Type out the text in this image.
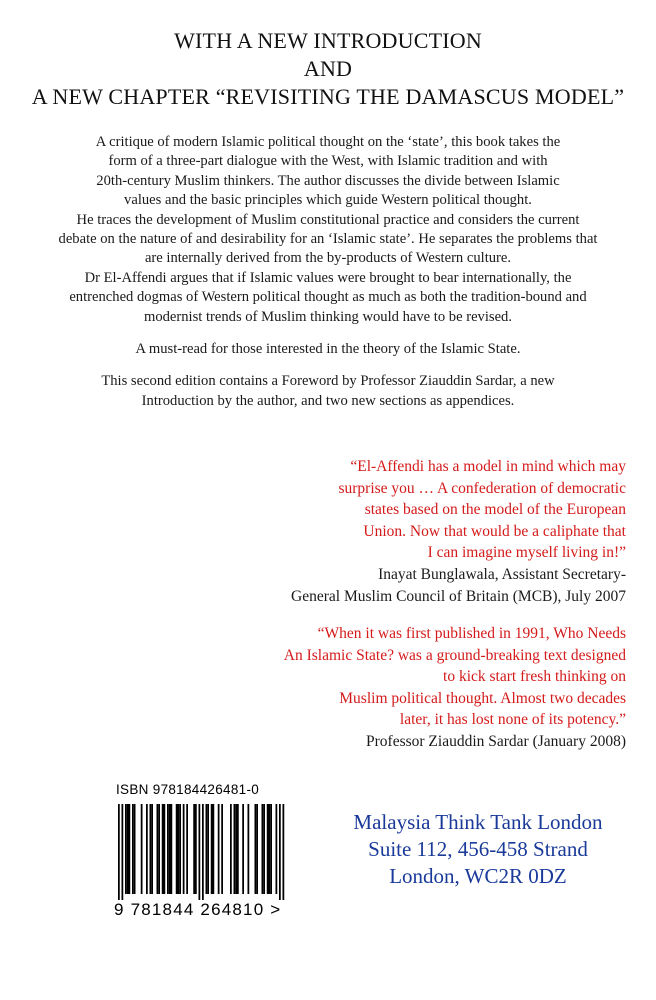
WITH A NEW INTRODUCTION
AND
A NEW CHAPTER “REVISITING THE DAMASCUS MODEL”
A critique of modern Islamic political thought on the ‘state’, this book takes the
form of a three-part dialogue with the West, with Islamic tradition and with
20th-century Muslim thinkers. The author discusses the divide between Islamic
values and the basic principles which guide Western political thought.
He traces the development of Muslim constitutional practice and considers the current
debate on the nature of and desirability for an ‘Islamic state’. He separates the problems that
are internally derived from the by-products of Western culture.
Dr El-Affendi argues that if Islamic values were brought to bear internationally, the
entrenched dogmas of Western political thought as much as both the tradition-bound and
modernist trends of Muslim thinking would have to be revised.
A must-read for those interested in the theory of the Islamic State.
This second edition contains a Foreword by Professor Ziauddin Sardar, a new
Introduction by the author, and two new sections as appendices.
“El-Affendi has a model in mind which may
surprise you … A confederation of democratic
states based on the model of the European
Union. Now that would be a caliphate that
I can imagine myself living in!”
Inayat Bunglawala, Assistant Secretary-
General Muslim Council of Britain (MCB), July 2007
“When it was first published in 1991, Who Needs
An Islamic State? was a ground-breaking text designed
to kick start fresh thinking on
Muslim political thought. Almost two decades
later, it has lost none of its potency.”
Professor Ziauddin Sardar (January 2008)
ISBN 978184426481-0
9 781844 264810 >
Malaysia Think Tank London
Suite 112, 456-458 Strand
London, WC2R 0DZ
